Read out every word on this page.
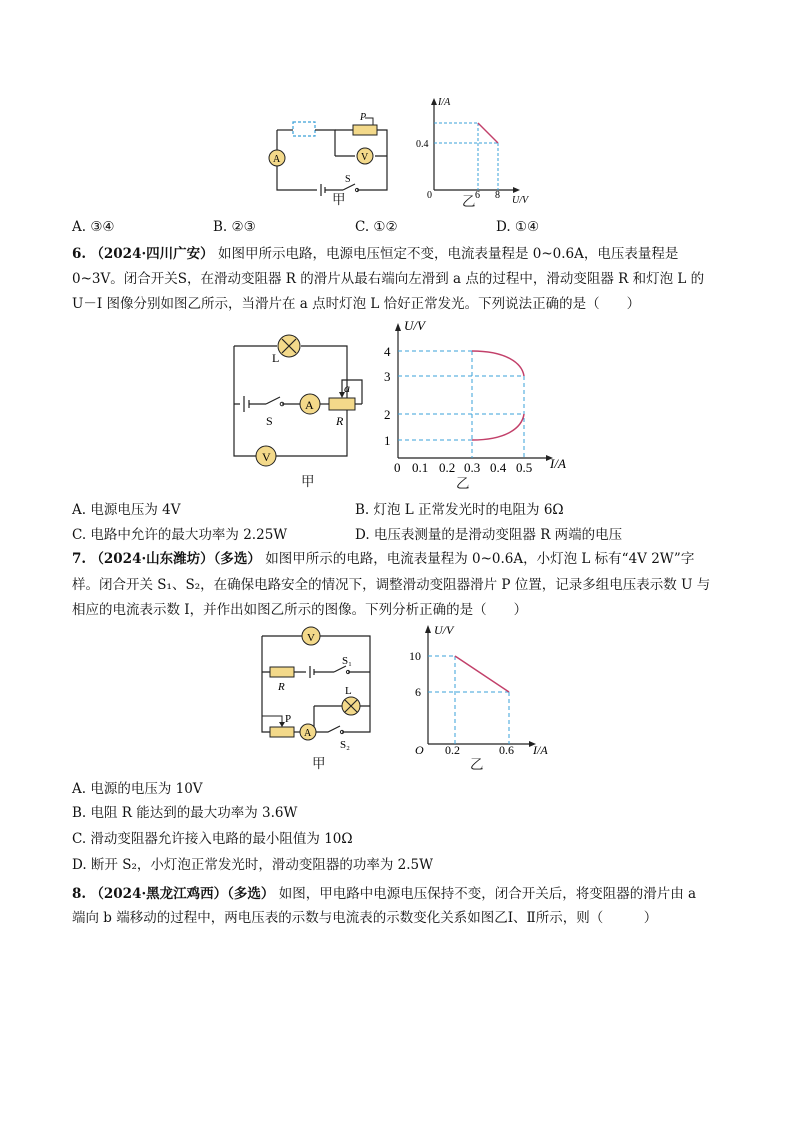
V
A
S
P
甲
I/A
U/V
0
0.4
6 8
乙
A. ③④	B. ②③	C. ①②	D. ①④
6. （2024·四川广安） 如图甲所示电路，电源电压恒定不变，电流表量程是 0~0.6A，电压表量程是
0~3V。闭合开关S，在滑动变阻器 R 的滑片从最右端向左滑到 a 点的过程中，滑动变阻器 R 和灯泡 L 的
U－I 图像分别如图乙所示，当滑片在 a 点时灯泡 L 恰好正常发光。下列说法正确的是（　　）
L
S
A
a
R
V
甲
U/V
I/A
1
2
3
4
0 0.1 0.2 0.3 0.4 0.5
乙
A. 电源电压为 4V	B. 灯泡 L 正常发光时的电阻为 6Ω
C. 电路中允许的最大功率为 2.25W	D. 电压表测量的是滑动变阻器 R 两端的电压
7. （2024·山东潍坊）（多选） 如图甲所示的电路，电流表量程为 0~0.6A，小灯泡 L 标有“4V 2W”字
样。闭合开关 S₁、S₂，在确保电路安全的情况下，调整滑动变阻器滑片 P 位置，记录多组电压表示数 U 与
相应的电流表示数 I，并作出如图乙所示的图像。下列分析正确的是（　　）
V
R
S₁
L
P
A
S₂
甲
U/V
I/A
O
10
6
0.2	0.6
乙
A. 电源的电压为 10V
B. 电阻 R 能达到的最大功率为 3.6W
C. 滑动变阻器允许接入电路的最小阻值为 10Ω
D. 断开 S₂，小灯泡正常发光时，滑动变阻器的功率为 2.5W
8. （2024·黑龙江鸡西）（多选） 如图，甲电路中电源电压保持不变，闭合开关后，将变阻器的滑片由 a
端向 b 端移动的过程中，两电压表的示数与电流表的示数变化关系如图乙Ⅰ、Ⅱ所示，则（　　　）
